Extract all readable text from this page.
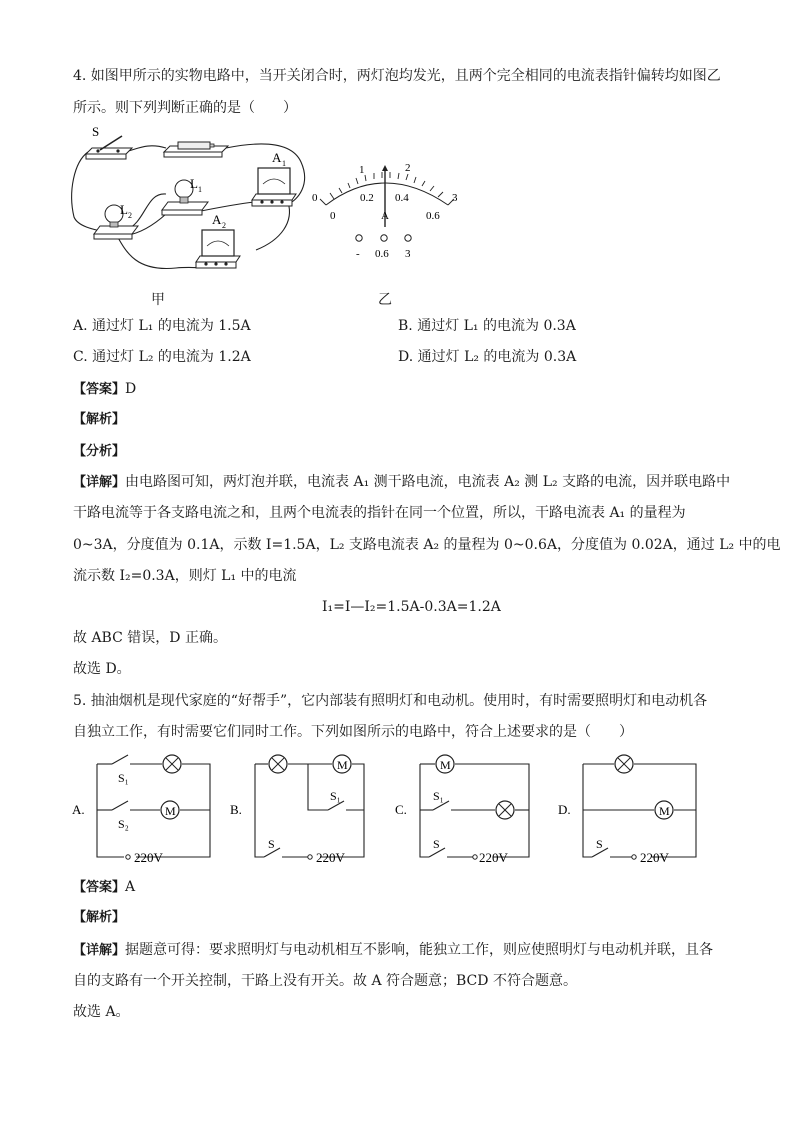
4. 如图甲所示的实物电路中，当开关闭合时，两灯泡均发光，且两个完全相同的电流表指针偏转均如图乙
所示。则下列判断正确的是（　　）
S
L 1
L 2
A 1
A 2
甲
0
1	2
3
0
0.2 0.4
0.6
A
- 0.6 3
乙
A. 通过灯 L₁ 的电流为 1.5A	B. 通过灯 L₁ 的电流为 0.3A
C. 通过灯 L₂ 的电流为 1.2A	D. 通过灯 L₂ 的电流为 0.3A
【答案】D
【解析】
【分析】
【详解】由电路图可知，两灯泡并联，电流表 A₁ 测干路电流，电流表 A₂ 测 L₂ 支路的电流，因并联电路中
干路电流等于各支路电流之和，且两个电流表的指针在同一个位置，所以，干路电流表 A₁ 的量程为
0~3A，分度值为 0.1A，示数 I=1.5A，L₂ 支路电流表 A₂ 的量程为 0~0.6A，分度值为 0.02A，通过 L₂ 中的电
流示数 I₂=0.3A，则灯 L₁ 中的电流
I₁=I—I₂=1.5A-0.3A=1.2A
故 ABC 错误，D 正确。
故选 D。
5. 抽油烟机是现代家庭的“好帮手”，它内部装有照明灯和电动机。使用时，有时需要照明灯和电动机各
自独立工作，有时需要它们同时工作。下列如图所示的电路中，符合上述要求的是（　　）
A.	M
S₁
S₂
220V
B.
M
S₁
S
220V
C.
M
S₁
S
220V
D.	M
S
220V
【答案】A
【解析】
【详解】据题意可得：要求照明灯与电动机相互不影响，能独立工作，则应使照明灯与电动机并联，且各
自的支路有一个开关控制，干路上没有开关。故 A 符合题意；BCD 不符合题意。
故选 A。
